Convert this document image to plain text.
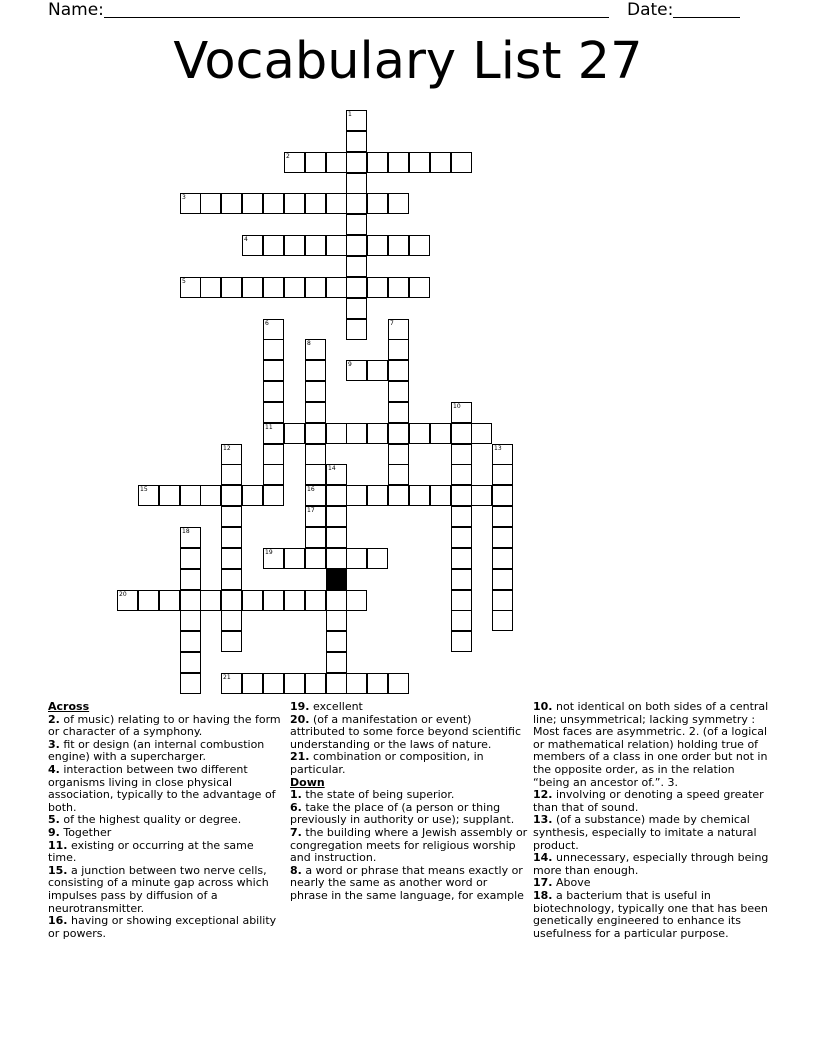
Name:	Date:
Vocabulary List 27
1
2
3
4
5
6
11
7
8
16
9
10
12	13
14
15
17
18
19
20
21
Across
2. of music) relating to or having the form or character of a symphony.
3. fit or design (an internal combustion engine) with a supercharger.
4. interaction between two different organisms living in close physical association, typically to the advantage of both.
5. of the highest quality or degree.
9. Together
11. existing or occurring at the same time.
15. a junction between two nerve cells, consisting of a minute gap across which impulses pass by diffusion of a neurotransmitter.
16. having or showing exceptional ability or powers.
19. excellent
20. (of a manifestation or event) attributed to some force beyond scientific understanding or the laws of nature.
21. combination or composition, in particular.
Down
1. the state of being superior.
6. take the place of (a person or thing previously in authority or use); supplant.
7. the building where a Jewish assembly or congregation meets for religious worship and instruction.
8. a word or phrase that means exactly or nearly the same as another word or phrase in the same language, for example
10. not identical on both sides of a central line; unsymmetrical; lacking symmetry : Most faces are asymmetric. 2. (of a logical or mathematical relation) holding true of members of a class in one order but not in the opposite order, as in the relation “being an ancestor of.”. 3.
12. involving or denoting a speed greater than that of sound.
13. (of a substance) made by chemical synthesis, especially to imitate a natural product.
14. unnecessary, especially through being more than enough.
17. Above
18. a bacterium that is useful in biotechnology, typically one that has been genetically engineered to enhance its usefulness for a particular purpose.
